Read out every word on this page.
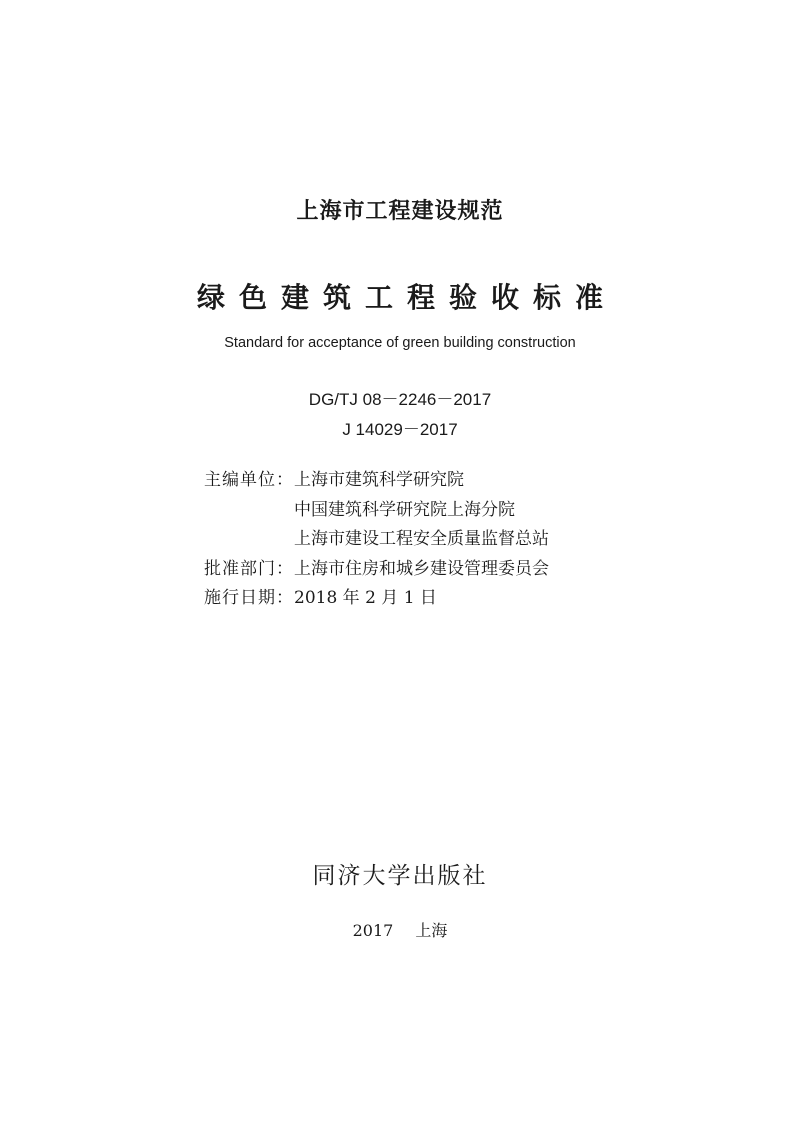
上海市工程建设规范
绿色建筑工程验收标准
Standard for acceptance of green building construction
DG/TJ 08－2246－2017
J 14029－2017
主编单位：上海市建筑科学研究院
中国建筑科学研究院上海分院
上海市建设工程安全质量监督总站
批准部门：上海市住房和城乡建设管理委员会
施行日期：2018 年 2 月 1 日
同济大学出版社
2017 上海
